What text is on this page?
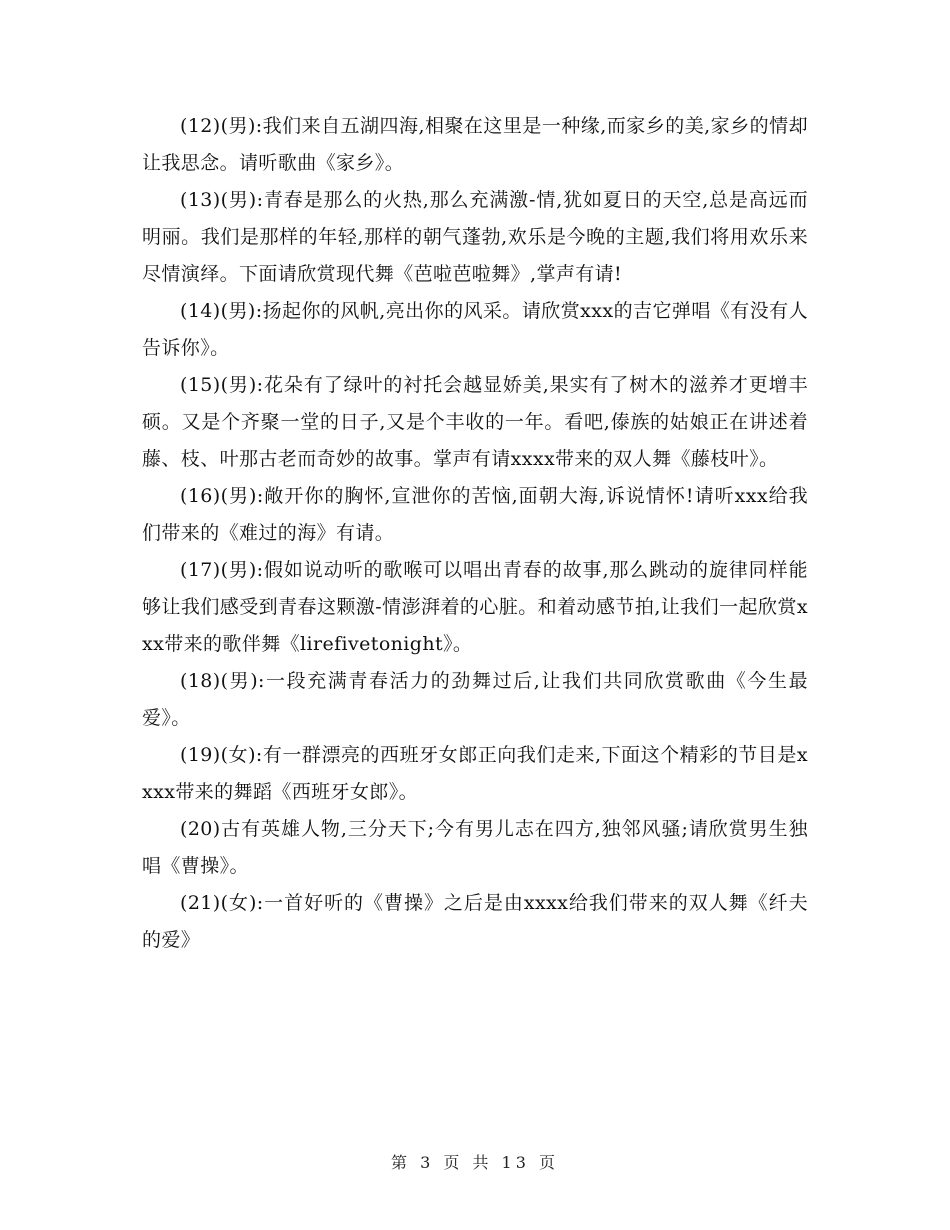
(12)(男):我们来自五湖四海,相聚在这里是一种缘,而家乡的美,家乡的情却让我思念。请听歌曲《家乡》。

(13)(男):青春是那么的火热,那么充满激-情,犹如夏日的天空,总是高远而明丽。我们是那样的年轻,那样的朝气蓬勃,欢乐是今晚的主题,我们将用欢乐来尽情演绎。下面请欣赏现代舞《芭啦芭啦舞》,掌声有请!

(14)(男):扬起你的风帆,亮出你的风采。请欣赏xxx的吉它弹唱《有没有人告诉你》。

(15)(男):花朵有了绿叶的衬托会越显娇美,果实有了树木的滋养才更增丰硕。又是个齐聚一堂的日子,又是个丰收的一年。看吧,傣族的姑娘正在讲述着藤、枝、叶那古老而奇妙的故事。掌声有请xxxx带来的双人舞《藤枝叶》。

(16)(男):敞开你的胸怀,宣泄你的苦恼,面朝大海,诉说情怀!请听xxx给我们带来的《难过的海》有请。

(17)(男):假如说动听的歌喉可以唱出青春的故事,那么跳动的旋律同样能够让我们感受到青春这颗激-情澎湃着的心脏。和着动感节拍,让我们一起欣赏xxx带来的歌伴舞《lirefivetonight》。

(18)(男):一段充满青春活力的劲舞过后,让我们共同欣赏歌曲《今生最爱》。

(19)(女):有一群漂亮的西班牙女郎正向我们走来,下面这个精彩的节目是xxxx带来的舞蹈《西班牙女郎》。

(20)古有英雄人物,三分天下;今有男儿志在四方,独邻风骚;请欣赏男生独唱《曹操》。

(21)(女):一首好听的《曹操》之后是由xxxx给我们带来的双人舞《纤夫的爱》

第 3 页 共 13 页
